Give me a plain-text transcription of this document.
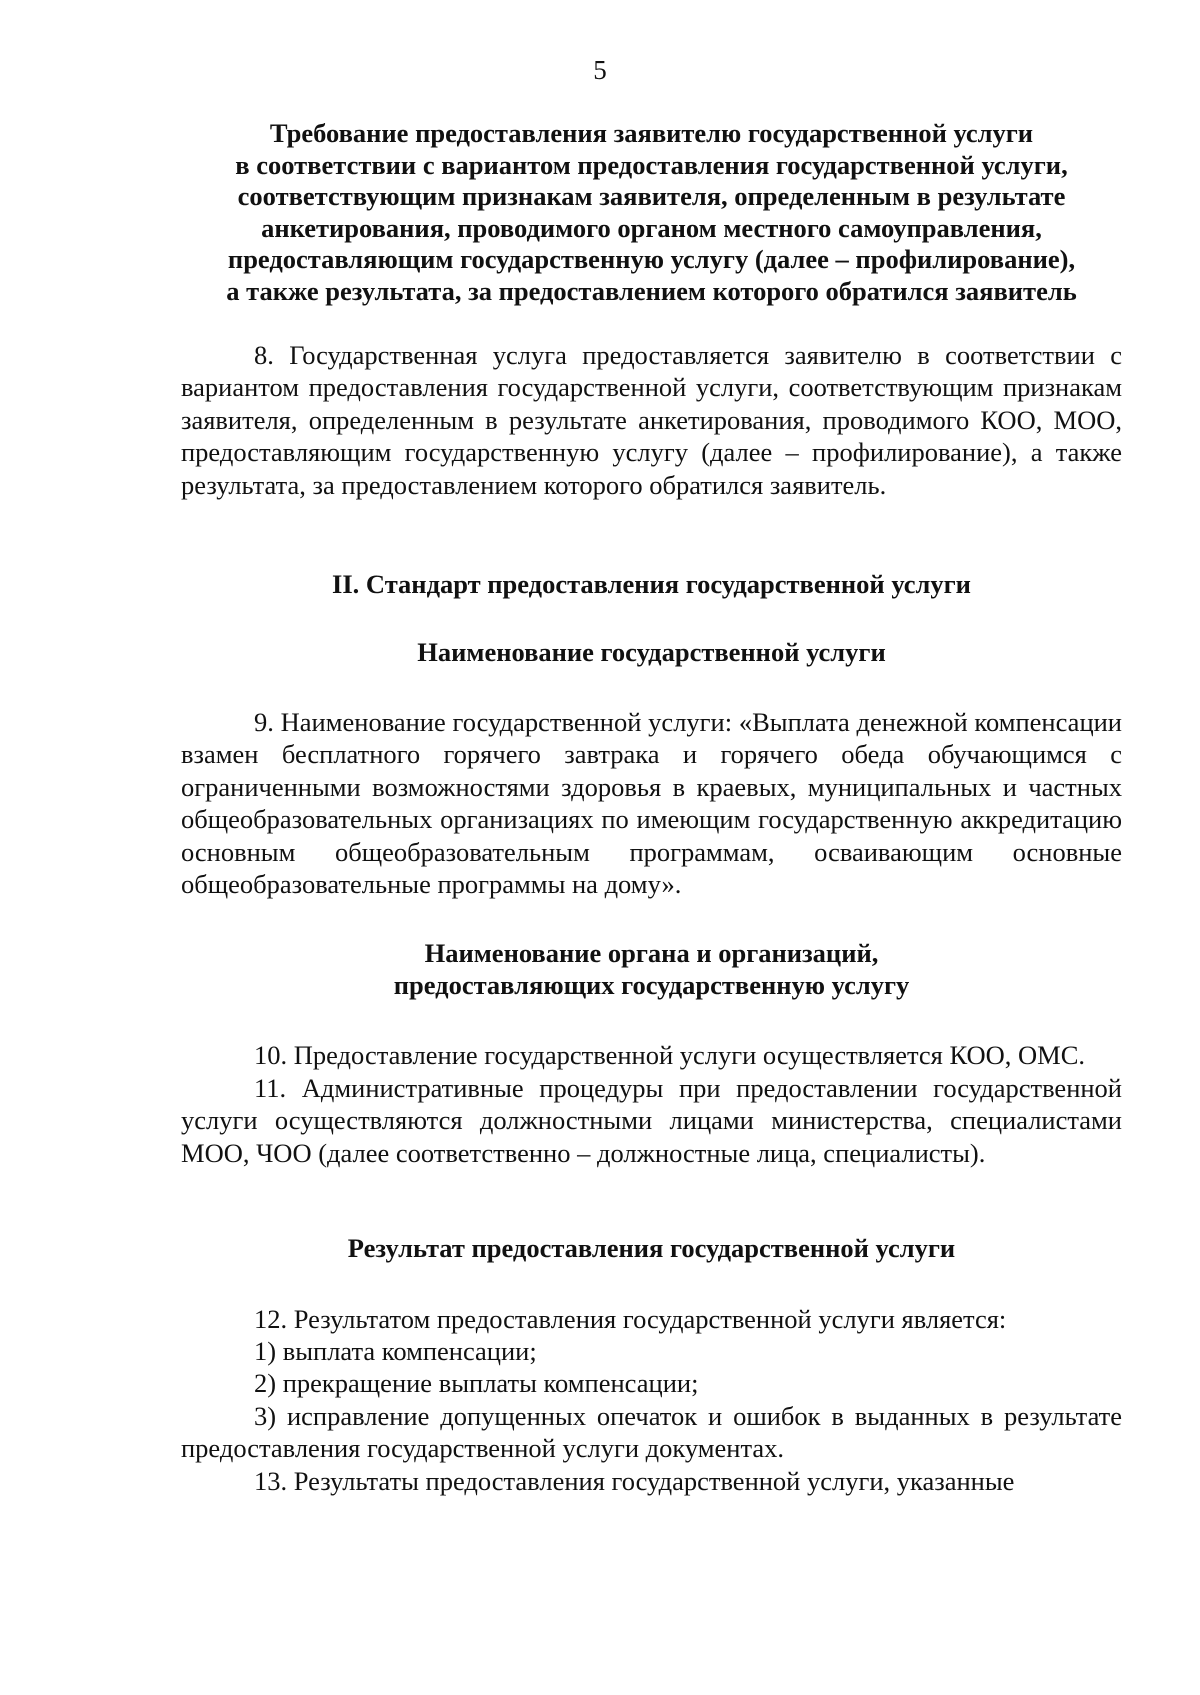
5
Требование предоставления заявителю государственной услуги
в соответствии с вариантом предоставления государственной услуги,
соответствующим признакам заявителя, определенным в результате
анкетирования, проводимого органом местного самоуправления,
предоставляющим государственную услугу (далее – профилирование),
а также результата, за предоставлением которого обратился заявитель

8. Государственная услуга предоставляется заявителю в соответствии с вариантом предоставления государственной услуги, соответствующим признакам заявителя, определенным в результате анкетирования, проводимого КОО, МОО, предоставляющим государственную услугу (далее – профилирование), а также результата, за предоставлением которого обратился заявитель.

II. Стандарт предоставления государственной услуги
Наименование государственной услуги

9. Наименование государственной услуги: «Выплата денежной компенсации взамен бесплатного горячего завтрака и горячего обеда обучающимся с ограниченными возможностями здоровья в краевых, муниципальных и частных общеобразовательных организациях по имеющим государственную аккредитацию основным общеобразовательным программам, осваивающим основные общеобразовательные программы на дому».

Наименование органа и организаций,
предоставляющих государственную услугу

10. Предоставление государственной услуги осуществляется КОО, ОМС.

11. Административные процедуры при предоставлении государственной услуги осуществляются должностными лицами министерства, специалистами МОО, ЧОО (далее соответственно – должностные лица, специалисты).

Результат предоставления государственной услуги

12. Результатом предоставления государственной услуги является:

1) выплата компенсации;

2) прекращение выплаты компенсации;

3) исправление допущенных опечаток и ошибок в выданных в результате предоставления государственной услуги документах.

13. Результаты предоставления государственной услуги, указанные
